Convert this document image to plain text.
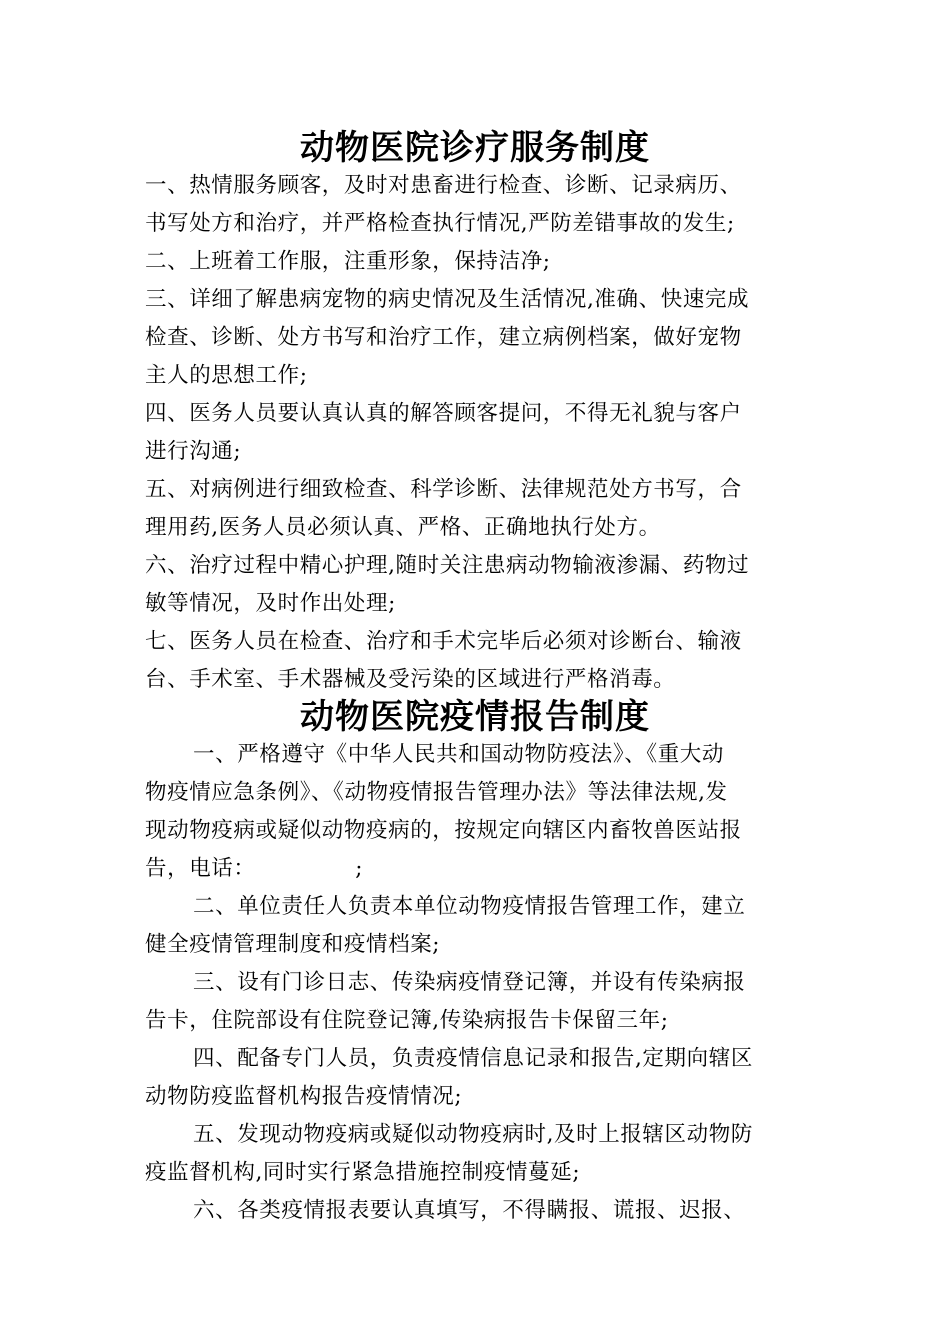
动物医院诊疗服务制度

一、热情服务顾客，及时对患畜进行检查、诊断、记录病历、

书写处方和治疗，并严格检查执行情况,严防差错事故的发生;

二、上班着工作服，注重形象，保持洁净;

三、详细了解患病宠物的病史情况及生活情况,准确、快速完成

检查、诊断、处方书写和治疗工作，建立病例档案，做好宠物

主人的思想工作;

四、医务人员要认真认真的解答顾客提问，不得无礼貌与客户

进行沟通;

五、对病例进行细致检查、科学诊断、法律规范处方书写，合

理用药,医务人员必须认真、严格、正确地执行处方。

六、治疗过程中精心护理,随时关注患病动物输液渗漏、药物过

敏等情况，及时作出处理;

七、医务人员在检查、治疗和手术完毕后必须对诊断台、输液

台、手术室、手术器械及受污染的区域进行严格消毒。

动物医院疫情报告制度

一、严格遵守《中华人民共和国动物防疫法》、《重大动

物疫情应急条例》、《动物疫情报告管理办法》等法律法规,发

现动物疫病或疑似动物疫病的，按规定向辖区内畜牧兽医站报

告，电话：　　　　　;

二、单位责任人负责本单位动物疫情报告管理工作，建立

健全疫情管理制度和疫情档案;

三、设有门诊日志、传染病疫情登记簿，并设有传染病报

告卡，住院部设有住院登记簿,传染病报告卡保留三年;

四、配备专门人员，负责疫情信息记录和报告,定期向辖区

动物防疫监督机构报告疫情情况;

五、发现动物疫病或疑似动物疫病时,及时上报辖区动物防

疫监督机构,同时实行紧急措施控制疫情蔓延;

六、各类疫情报表要认真填写，不得瞒报、谎报、迟报、
